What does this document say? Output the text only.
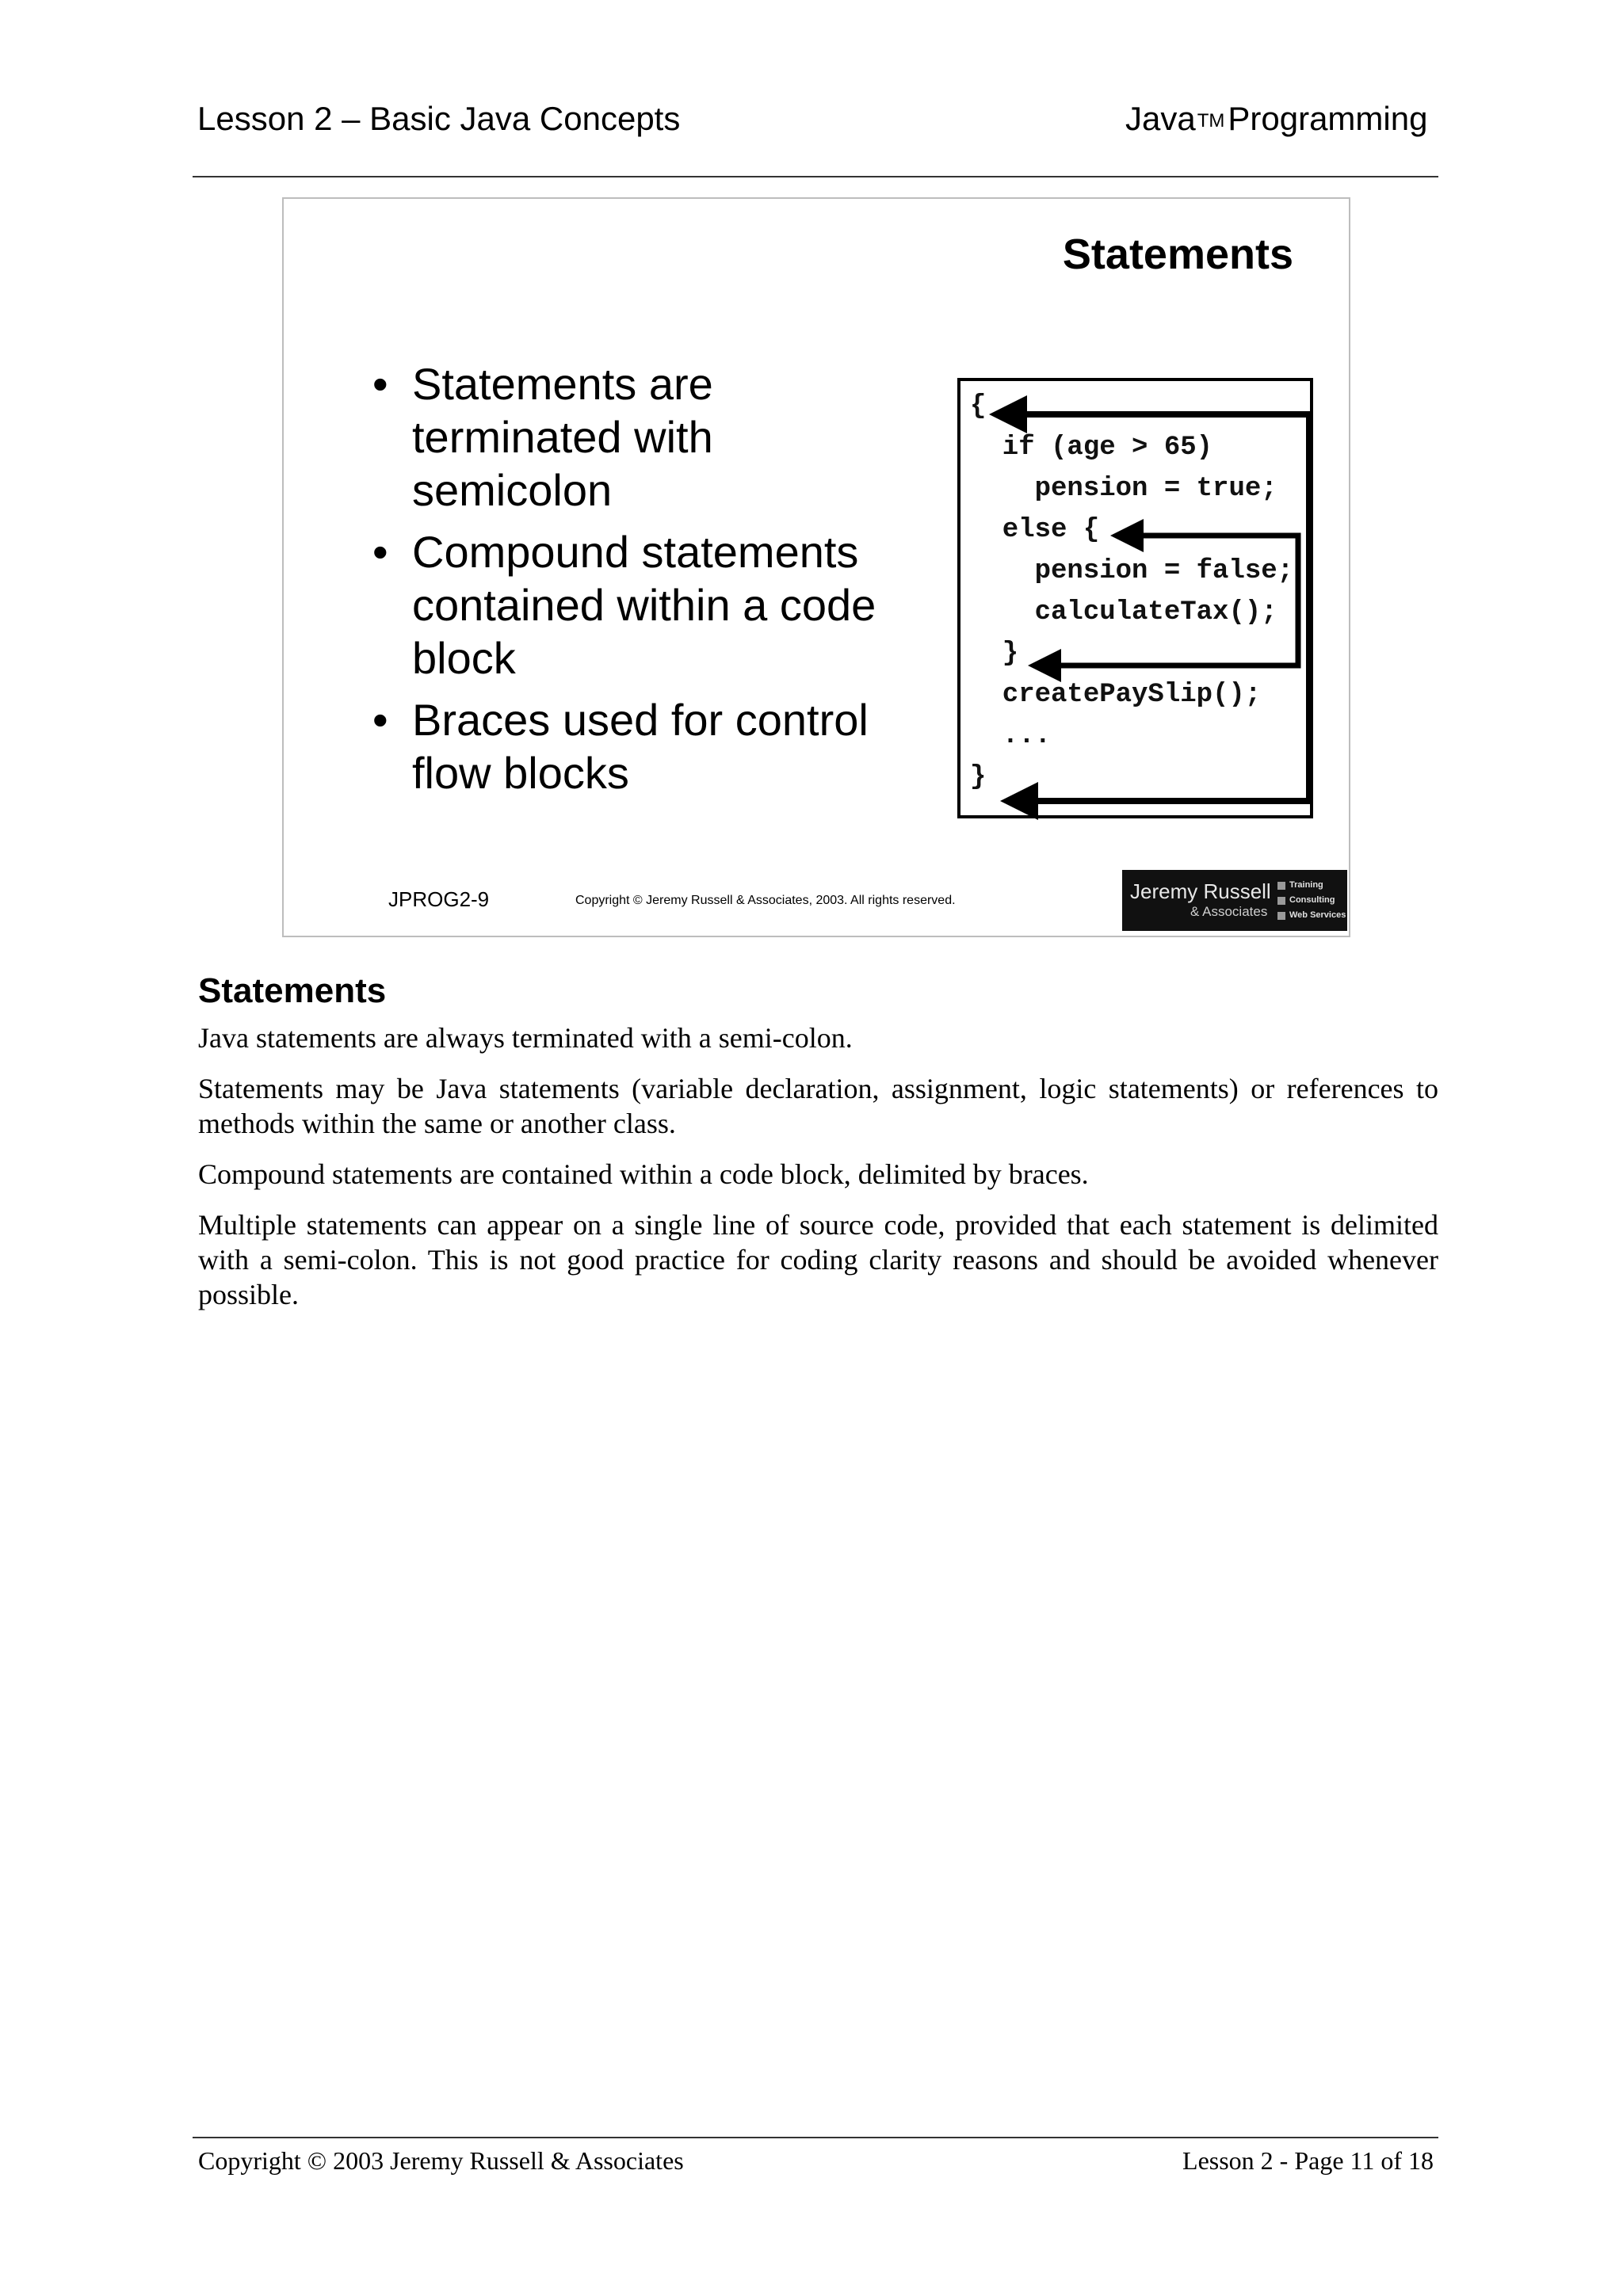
Lesson 2 – Basic Java Concepts	JavaTMProgramming
Statements
• Statements are terminated with semicolon
• Compound statements contained within a code block
• Braces used for control flow blocks
{
if (age > 65)
pension = true;
else {
pension = false;
calculateTax();
}
createPaySlip();
...
}
JPROG2-9	Copyright © Jeremy Russell & Associates, 2003. All rights reserved.	Jeremy Russell
& Associates
Training
Consulting
Web Services
Statements

Java statements are always terminated with a semi-colon.

Statements may be Java statements (variable declaration, assignment, logic statements) or references to methods within the same or another class.

Compound statements are contained within a code block, delimited by braces.

Multiple statements can appear on a single line of source code, provided that each statement is delimited with a semi-colon. This is not good practice for coding clarity reasons and should be avoided whenever possible.

Copyright © 2003 Jeremy Russell & Associates	Lesson 2 - Page 11 of 18
